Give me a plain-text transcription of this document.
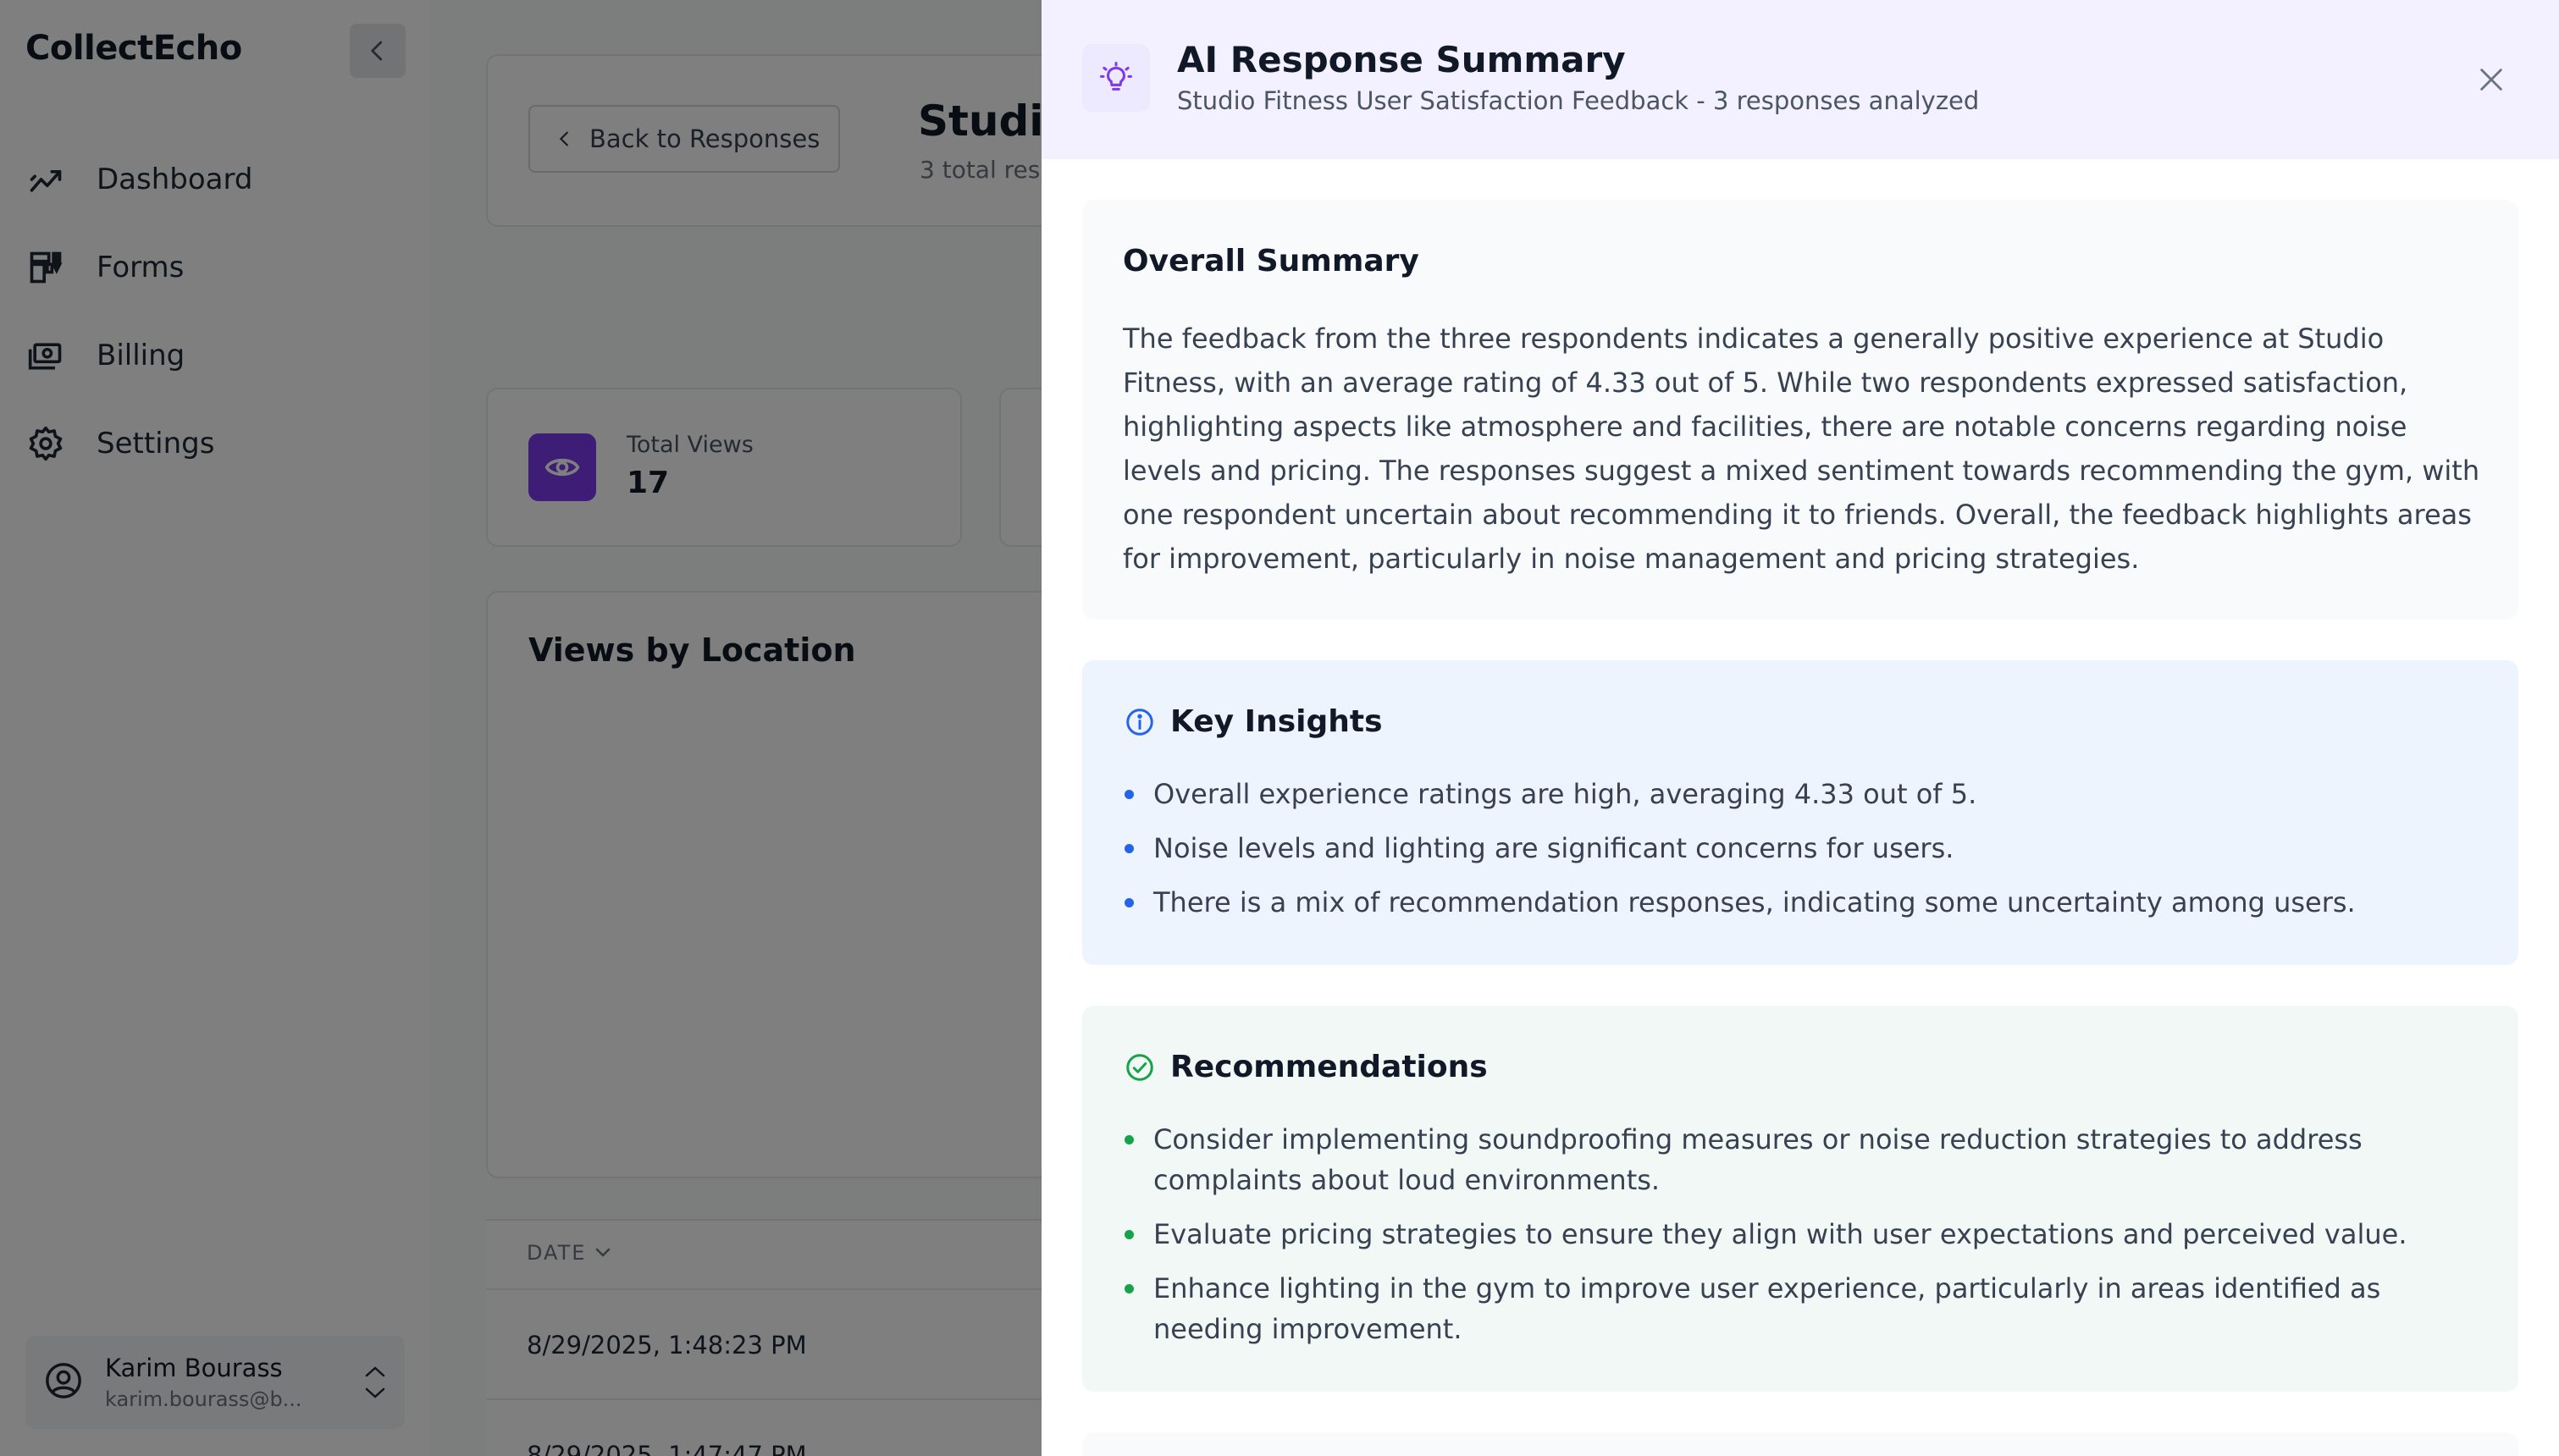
AI Response Summary
Studio Fitness User Satisfaction Feedback - 3 responses analyzed
Overall Summary

The feedback from the three respondents indicates a generally positive experience at Studio Fitness, with an average rating of 4.33 out of 5. While two respondents expressed satisfaction, highlighting aspects like atmosphere and facilities, there are notable concerns regarding noise levels and pricing. The responses suggest a mixed sentiment towards recommending the gym, with one respondent uncertain about recommending it to friends. Overall, the feedback highlights areas for improvement, particularly in noise management and pricing strategies.

Key Insights
Overall experience ratings are high, averaging 4.33 out of 5.
Noise levels and lighting are significant concerns for users.
There is a mix of recommendation responses, indicating some uncertainty among users.
Recommendations
Consider implementing soundproofing measures or noise reduction strategies to address complaints about loud environments.
Evaluate pricing strategies to ensure they align with user expectations and perceived value.
Enhance lighting in the gym to improve user experience, particularly in areas identified as needing improvement.
